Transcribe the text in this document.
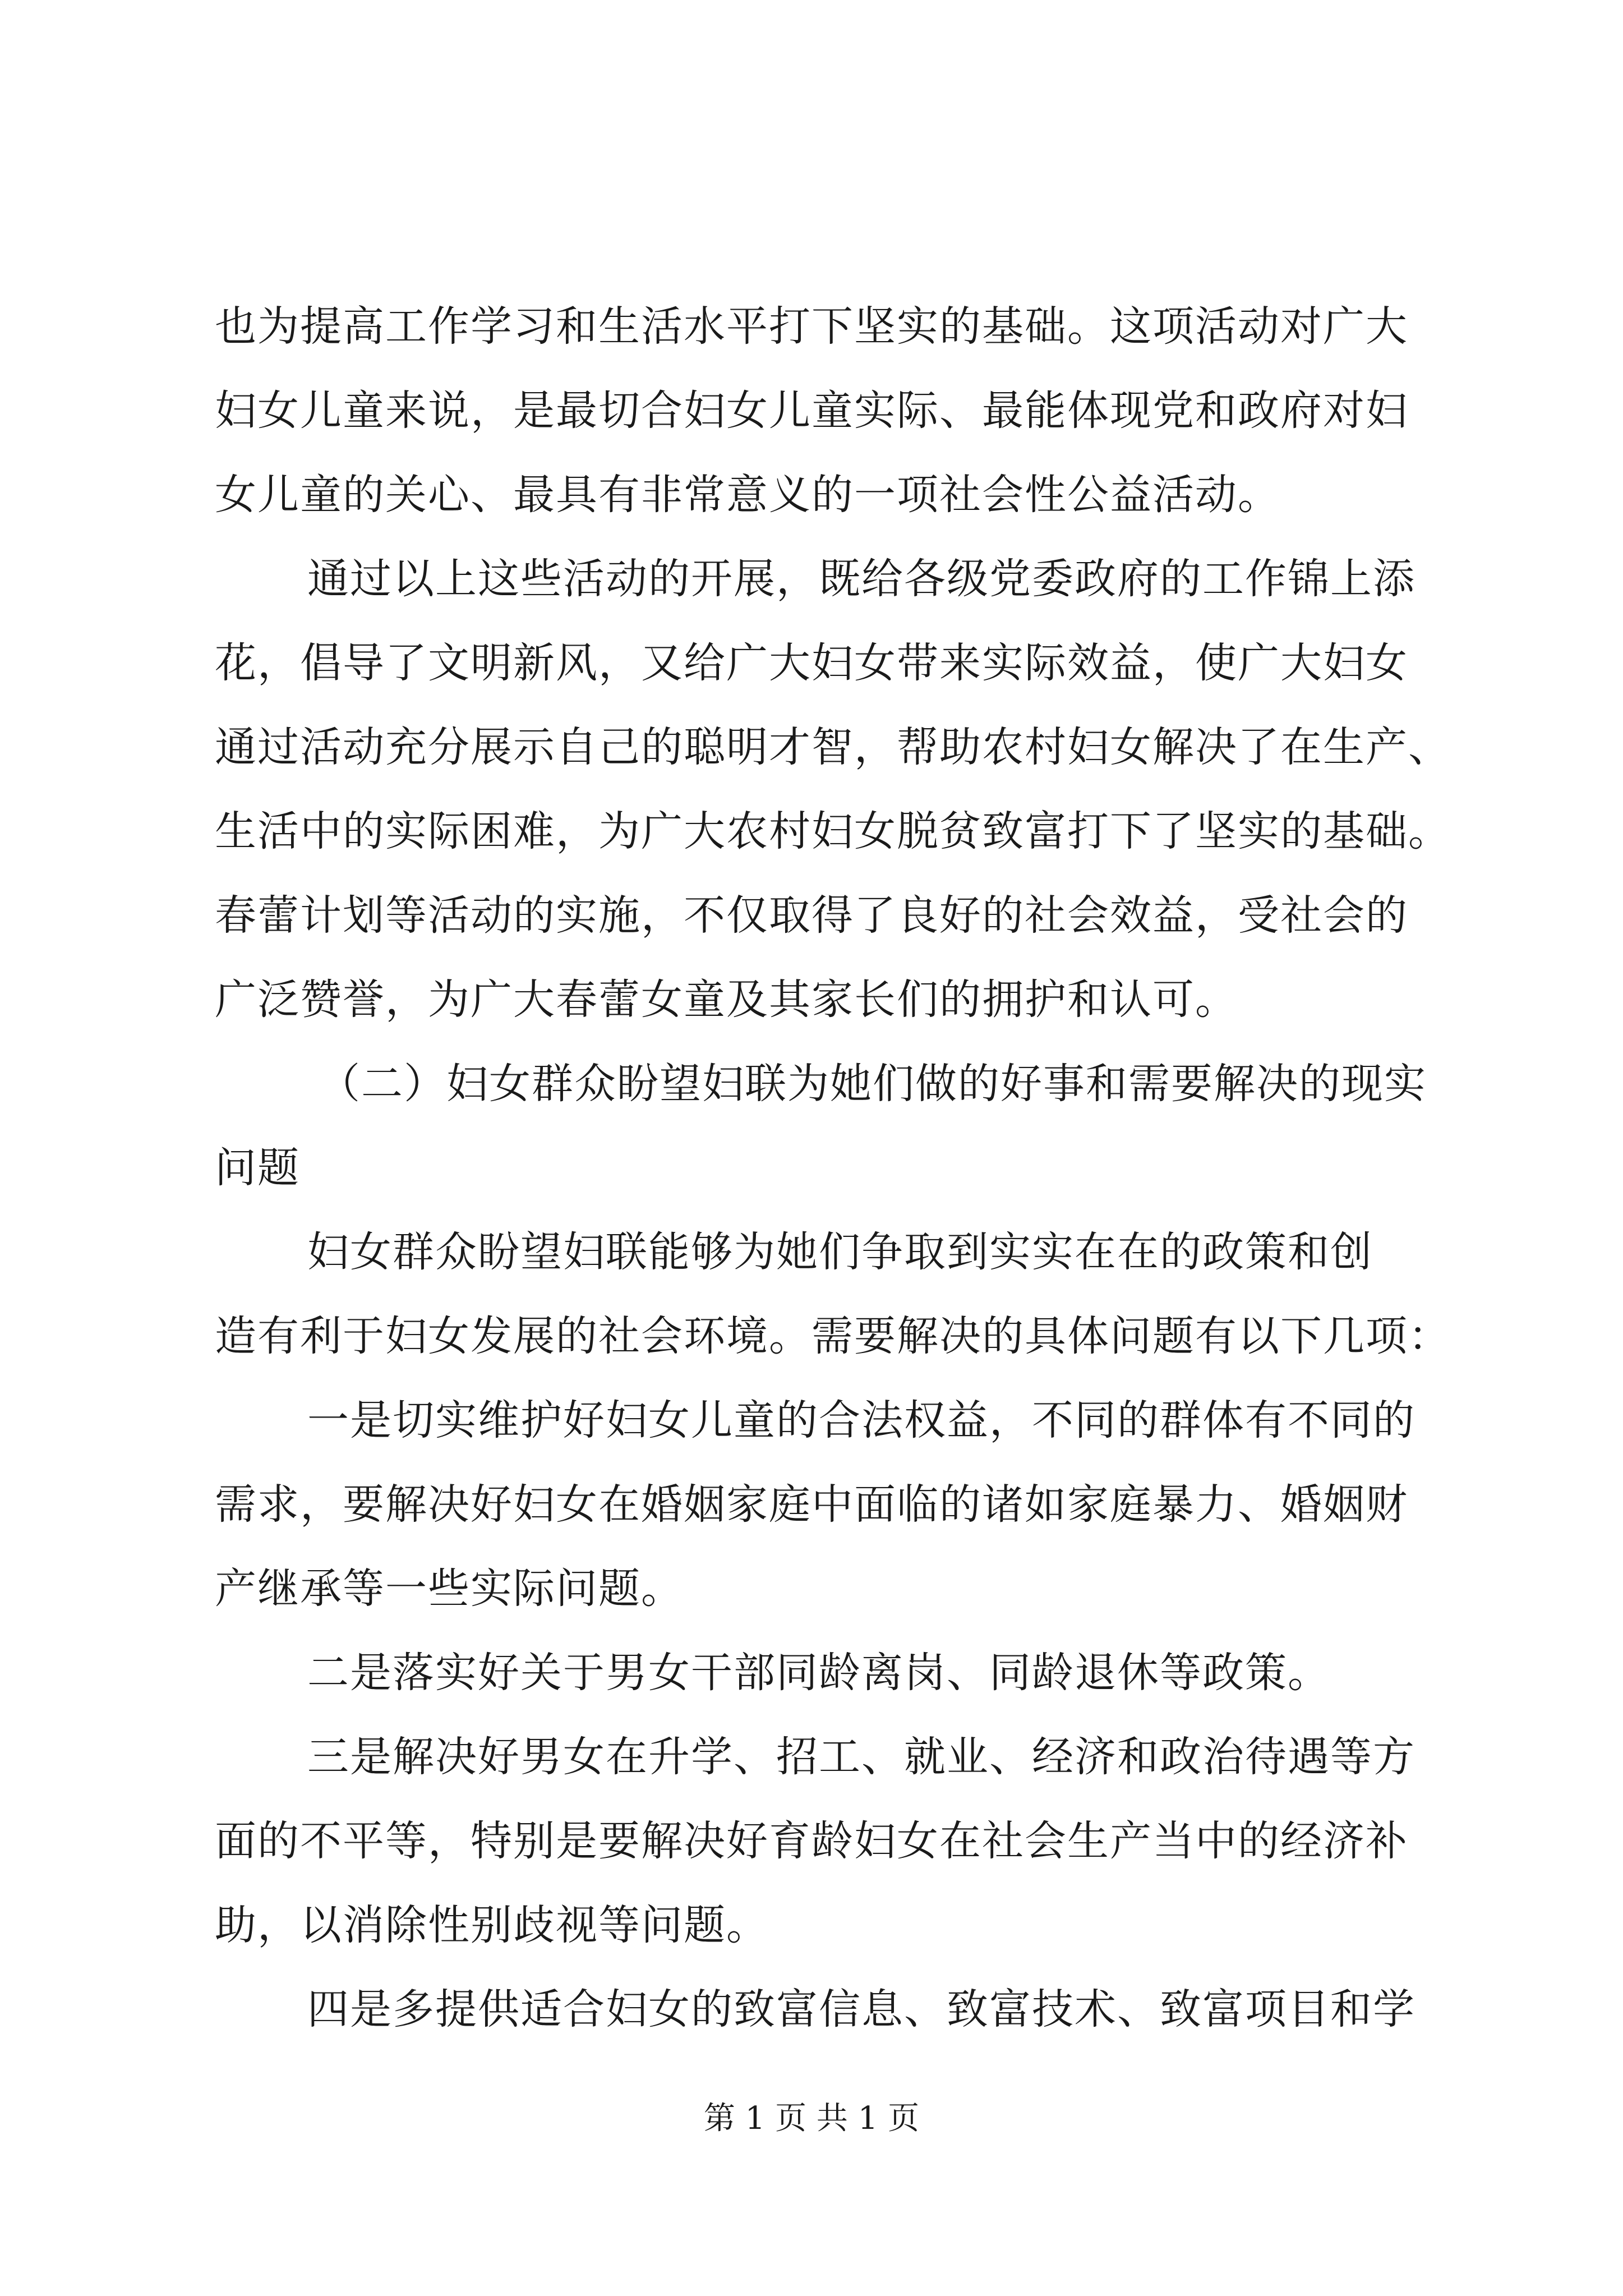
也为提高工作学习和生活水平打下坚实的基础。这项活动对广大
妇女儿童来说，是最切合妇女儿童实际、最能体现党和政府对妇
女儿童的关心、最具有非常意义的一项社会性公益活动。
通过以上这些活动的开展，既给各级党委政府的工作锦上添
花，倡导了文明新风，又给广大妇女带来实际效益，使广大妇女
通过活动充分展示自己的聪明才智，帮助农村妇女解决了在生产、
生活中的实际困难，为广大农村妇女脱贫致富打下了坚实的基础。
春蕾计划等活动的实施，不仅取得了良好的社会效益，受社会的
广泛赞誉，为广大春蕾女童及其家长们的拥护和认可。
（二）妇女群众盼望妇联为她们做的好事和需要解决的现实
问题
妇女群众盼望妇联能够为她们争取到实实在在的政策和创
造有利于妇女发展的社会环境。需要解决的具体问题有以下几项：
一是切实维护好妇女儿童的合法权益，不同的群体有不同的
需求，要解决好妇女在婚姻家庭中面临的诸如家庭暴力、婚姻财
产继承等一些实际问题。
二是落实好关于男女干部同龄离岗、同龄退休等政策。
三是解决好男女在升学、招工、就业、经济和政治待遇等方
面的不平等，特别是要解决好育龄妇女在社会生产当中的经济补
助，以消除性别歧视等问题。
四是多提供适合妇女的致富信息、致富技术、致富项目和学
第 1 页 共 1 页
